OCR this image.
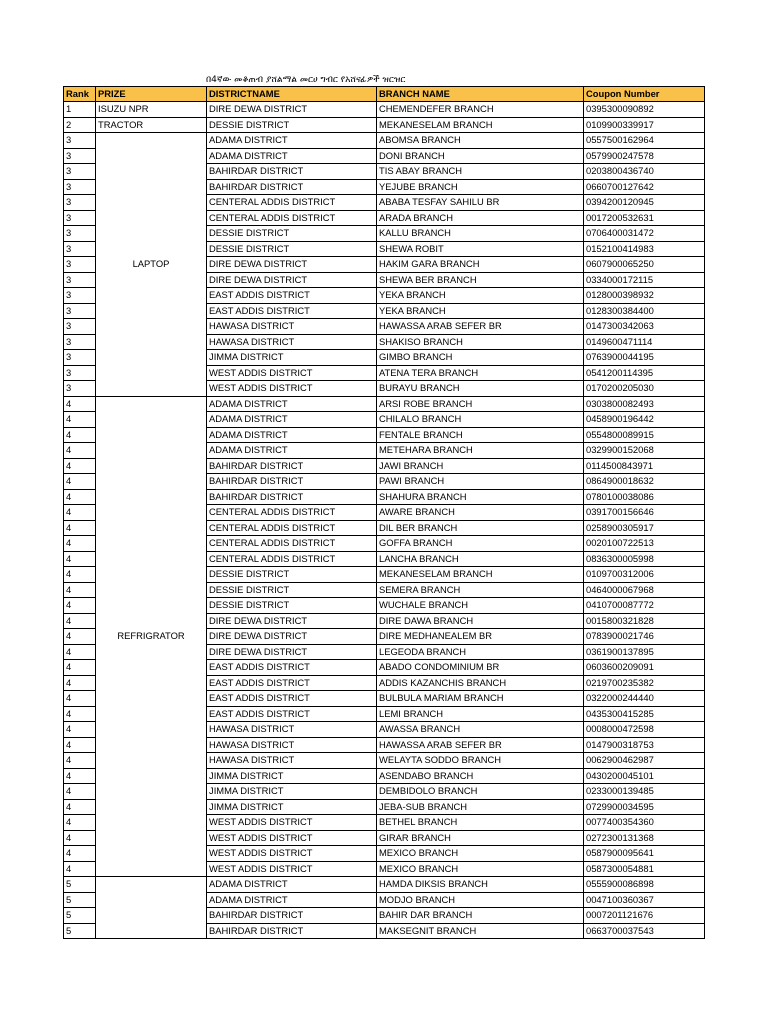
በ4ኛው መቆጠብ ያሸልማል መርሀ ግብር የአሸናፊዎች ዝርዝር
Rank	PRIZE	DISTRICTNAME	BRANCH NAME	Coupon Number
1	ISUZU NPR	DIRE DEWA DISTRICT	CHEMENDEFER BRANCH	0395300090892
2	TRACTOR	DESSIE DISTRICT	MEKANESELAM BRANCH	0109900339917
3	LAPTOP	ADAMA DISTRICT	ABOMSA BRANCH	0557500162964
3		ADAMA DISTRICT	DONI BRANCH	0579900247578
3		BAHIRDAR DISTRICT	TIS ABAY BRANCH	0203800436740
3		BAHIRDAR DISTRICT	YEJUBE BRANCH	0660700127642
3		CENTERAL ADDIS DISTRICT	ABABA TESFAY SAHILU BR	0394200120945
3		CENTERAL ADDIS DISTRICT	ARADA BRANCH	0017200532631
3		DESSIE DISTRICT	KALLU BRANCH	0706400031472
3		DESSIE DISTRICT	SHEWA ROBIT	0152100414983
3		DIRE DEWA DISTRICT	HAKIM GARA BRANCH	0607900065250
3		DIRE DEWA DISTRICT	SHEWA BER BRANCH	0334000172115
3		EAST ADDIS DISTRICT	YEKA BRANCH	0128000398932
3		EAST ADDIS DISTRICT	YEKA BRANCH	0128300384400
3		HAWASA DISTRICT	HAWASSA ARAB SEFER BR	0147300342063
3		HAWASA DISTRICT	SHAKISO BRANCH	0149600471114
3		JIMMA DISTRICT	GIMBO BRANCH	0763900044195
3		WEST ADDIS DISTRICT	ATENA TERA BRANCH	0541200114395
3		WEST ADDIS DISTRICT	BURAYU BRANCH	0170200205030
4	REFRIGRATOR	ADAMA DISTRICT	ARSI ROBE BRANCH	0303800082493
4		ADAMA DISTRICT	CHILALO BRANCH	0458900196442
4		ADAMA DISTRICT	FENTALE BRANCH	0554800089915
4		ADAMA DISTRICT	METEHARA BRANCH	0329900152068
4		BAHIRDAR DISTRICT	JAWI BRANCH	0114500843971
4		BAHIRDAR DISTRICT	PAWI BRANCH	0864900018632
4		BAHIRDAR DISTRICT	SHAHURA BRANCH	0780100038086
4		CENTERAL ADDIS DISTRICT	AWARE BRANCH	0391700156646
4		CENTERAL ADDIS DISTRICT	DIL BER BRANCH	0258900305917
4		CENTERAL ADDIS DISTRICT	GOFFA BRANCH	0020100722513
4		CENTERAL ADDIS DISTRICT	LANCHA BRANCH	0836300005998
4		DESSIE DISTRICT	MEKANESELAM BRANCH	0109700312006
4		DESSIE DISTRICT	SEMERA BRANCH	0464000067968
4		DESSIE DISTRICT	WUCHALE BRANCH	0410700087772
4		DIRE DEWA DISTRICT	DIRE DAWA BRANCH	0015800321828
4		DIRE DEWA DISTRICT	DIRE MEDHANEALEM BR	0783900021746
4		DIRE DEWA DISTRICT	LEGEODA BRANCH	0361900137895
4		EAST ADDIS DISTRICT	ABADO CONDOMINIUM BR	0603600209091
4		EAST ADDIS DISTRICT	ADDIS KAZANCHIS BRANCH	0219700235382
4		EAST ADDIS DISTRICT	BULBULA MARIAM BRANCH	0322000244440
4		EAST ADDIS DISTRICT	LEMI BRANCH	0435300415285
4		HAWASA DISTRICT	AWASSA BRANCH	0008000472598
4		HAWASA DISTRICT	HAWASSA ARAB SEFER BR	0147900318753
4		HAWASA DISTRICT	WELAYTA SODDO BRANCH	0062900462987
4		JIMMA DISTRICT	ASENDABO BRANCH	0430200045101
4		JIMMA DISTRICT	DEMBIDOLO BRANCH	0233000139485
4		JIMMA DISTRICT	JEBA-SUB BRANCH	0729900034595
4		WEST ADDIS DISTRICT	BETHEL BRANCH	0077400354360
4		WEST ADDIS DISTRICT	GIRAR BRANCH	0272300131368
4		WEST ADDIS DISTRICT	MEXICO BRANCH	0587900095641
4		WEST ADDIS DISTRICT	MEXICO BRANCH	0587300054881
5		ADAMA DISTRICT	HAMDA DIKSIS BRANCH	0555900086898
5		ADAMA DISTRICT	MODJO BRANCH	0047100360367
5		BAHIRDAR DISTRICT	BAHIR DAR BRANCH	0007201121676
5		BAHIRDAR DISTRICT	MAKSEGNIT BRANCH	0663700037543
